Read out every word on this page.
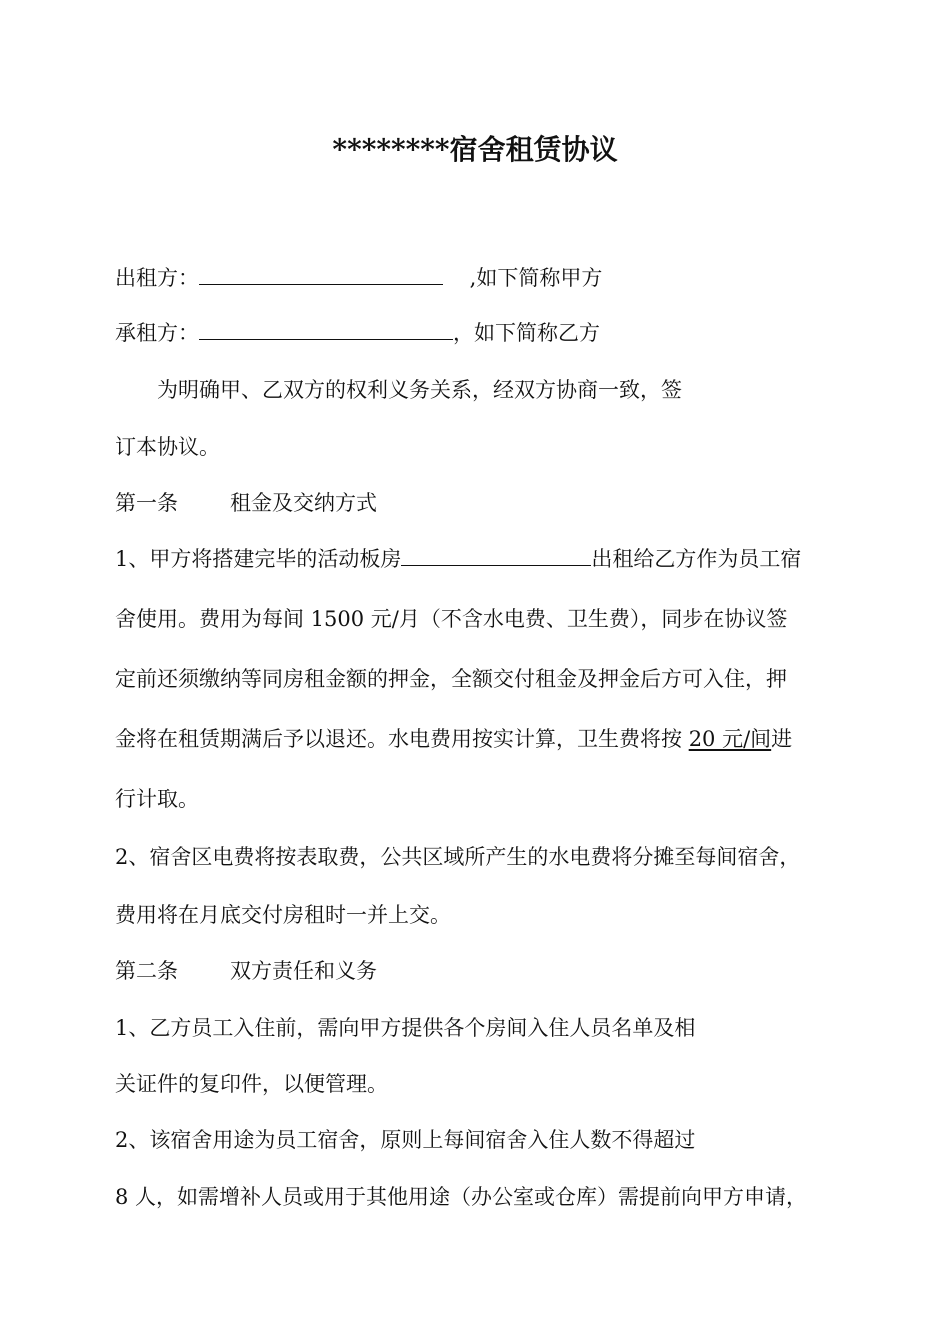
********宿舍租赁协议
出租方：	,如下简称甲方
承租方：	，如下简称乙方
为明确甲、乙双方的权利义务关系，经双方协商一致，签
订本协议。
第一条 租金及交纳方式
1、甲方将搭建完毕的活动板房	出租给乙方作为员工宿
舍使用。费用为每间 1500 元/月（不含水电费、卫生费），同步在协议签
定前还须缴纳等同房租金额的押金，全额交付租金及押金后方可入住，押
金将在租赁期满后予以退还。水电费用按实计算，卫生费将按 20 元/间进
行计取。
2、宿舍区电费将按表取费，公共区域所产生的水电费将分摊至每间宿舍，
费用将在月底交付房租时一并上交。
第二条 双方责任和义务
1、乙方员工入住前，需向甲方提供各个房间入住人员名单及相
关证件的复印件，以便管理。
2、该宿舍用途为员工宿舍，原则上每间宿舍入住人数不得超过
8 人，如需增补人员或用于其他用途（办公室或仓库）需提前向甲方申请，
